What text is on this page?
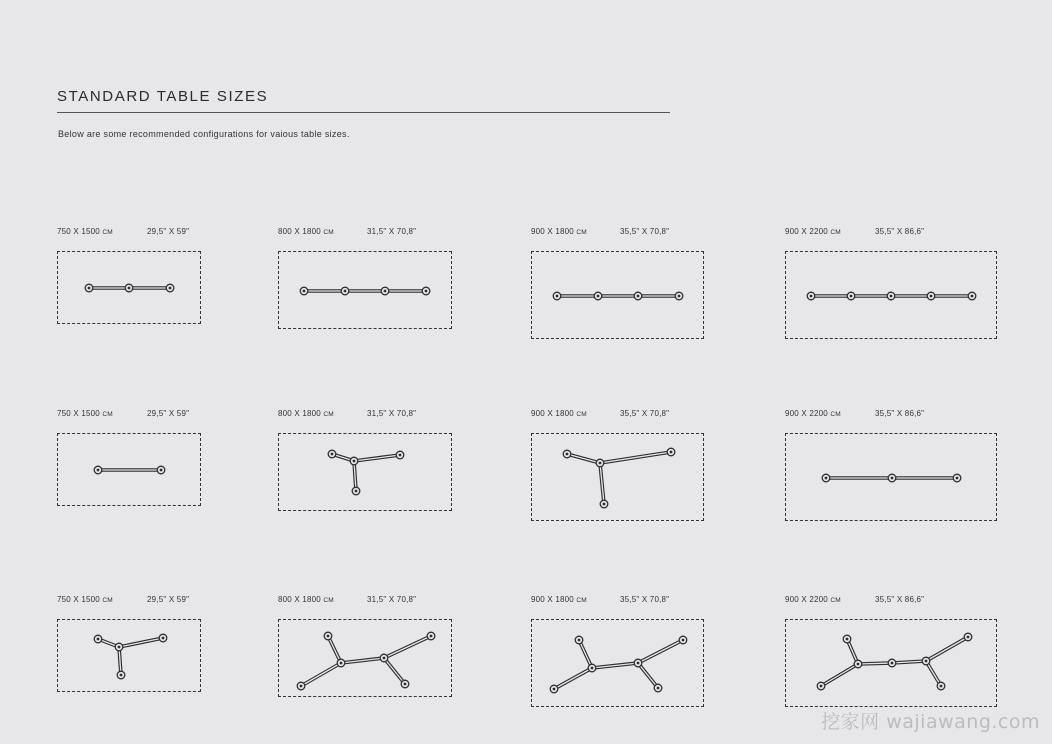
STANDARD TABLE SIZES
Below are some recommended configurations for vaious table sizes.
750 X 1500 CM	29,5" X 59"	800 X 1800 CM	31,5" X 70,8"	900 X 1800 CM	35,5" X 70,8"	900 X 2200 CM	35,5" X 86,6"
750 X 1500 CM	29,5" X 59"	800 X 1800 CM	31,5" X 70,8"	900 X 1800 CM	35,5" X 70,8"	900 X 2200 CM	35,5" X 86,6"
750 X 1500 CM	29,5" X 59"	800 X 1800 CM	31,5" X 70,8"	900 X 1800 CM	35,5" X 70,8"	900 X 2200 CM	35,5" X 86,6"
挖家网 wajiawang.com
